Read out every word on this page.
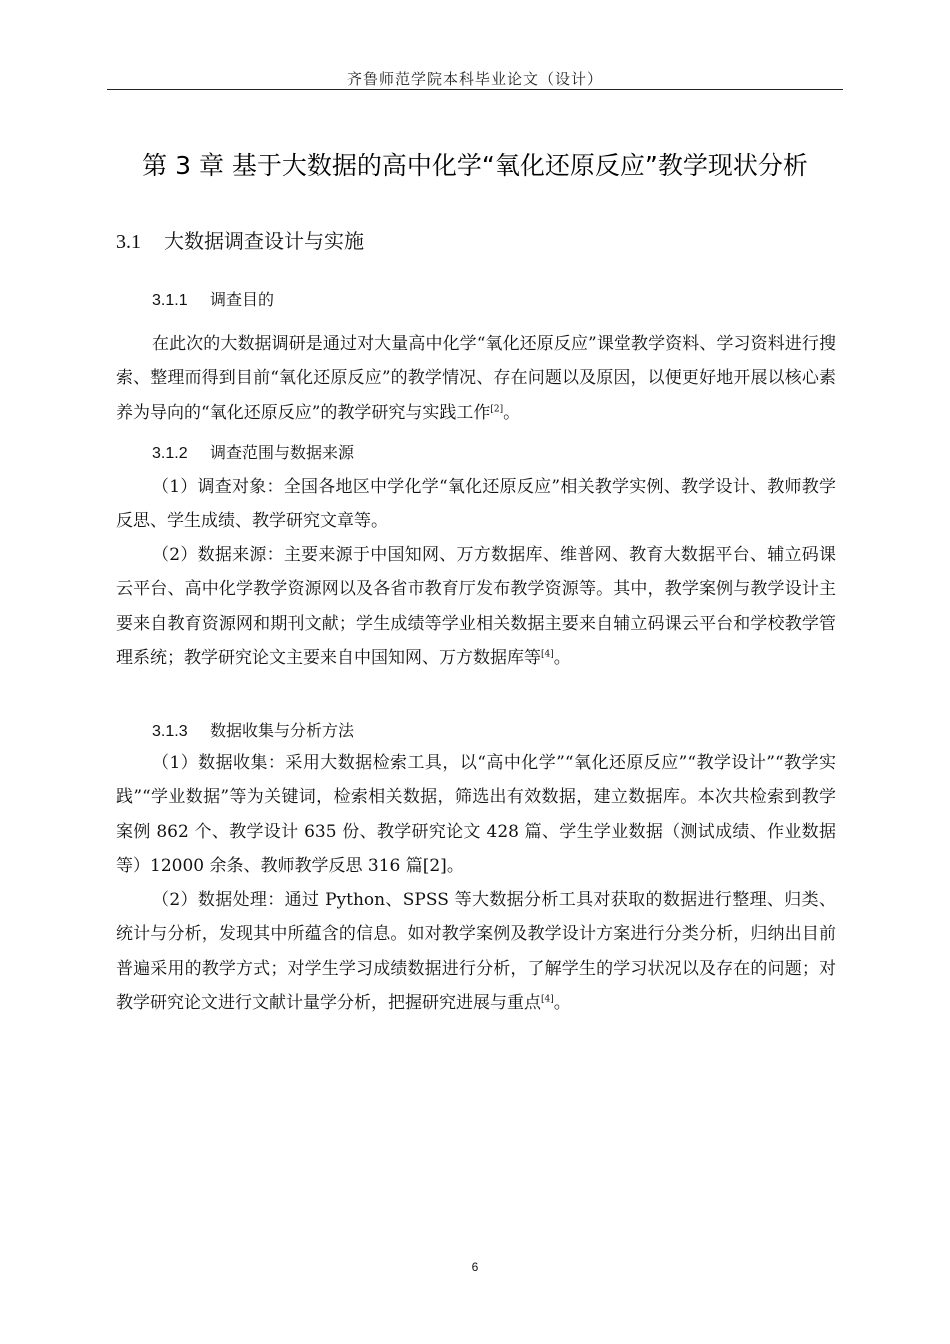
齐鲁师范学院本科毕业论文（设计）
第 3 章 基于大数据的高中化学“氧化还原反应”教学现状分析
3.1 大数据调查设计与实施
3.1.1 调查目的

在此次的大数据调研是通过对大量高中化学“氧化还原反应”课堂教学资料、学习资料进行搜索、整理而得到目前“氧化还原反应”的教学情况、存在问题以及原因，以便更好地开展以核心素养为导向的“氧化还原反应”的教学研究与实践工作[2]。

3.1.2 调查范围与数据来源

（1）调查对象：全国各地区中学化学“氧化还原反应”相关教学实例、教学设计、教师教学反思、学生成绩、教学研究文章等。

（2）数据来源：主要来源于中国知网、万方数据库、维普网、教育大数据平台、辅立码课云平台、高中化学教学资源网以及各省市教育厅发布教学资源等。其中，教学案例与教学设计主要来自教育资源网和期刊文献；学生成绩等学业相关数据主要来自辅立码课云平台和学校教学管理系统；教学研究论文主要来自中国知网、万方数据库等[4]。

3.1.3 数据收集与分析方法

（1）数据收集：采用大数据检索工具，以“高中化学”“氧化还原反应”“教学设计”“教学实践”“学业数据”等为关键词，检索相关数据，筛选出有效数据，建立数据库。本次共检索到教学案例 862 个、教学设计 635 份、教学研究论文 428 篇、学生学业数据（测试成绩、作业数据等）12000 余条、教师教学反思 316 篇[2]。

（2）数据处理：通过 Python、SPSS 等大数据分析工具对获取的数据进行整理、归类、统计与分析，发现其中所蕴含的信息。如对教学案例及教学设计方案进行分类分析，归纳出目前普遍采用的教学方式；对学生学习成绩数据进行分析，了解学生的学习状况以及存在的问题；对教学研究论文进行文献计量学分析，把握研究进展与重点[4]。

6
